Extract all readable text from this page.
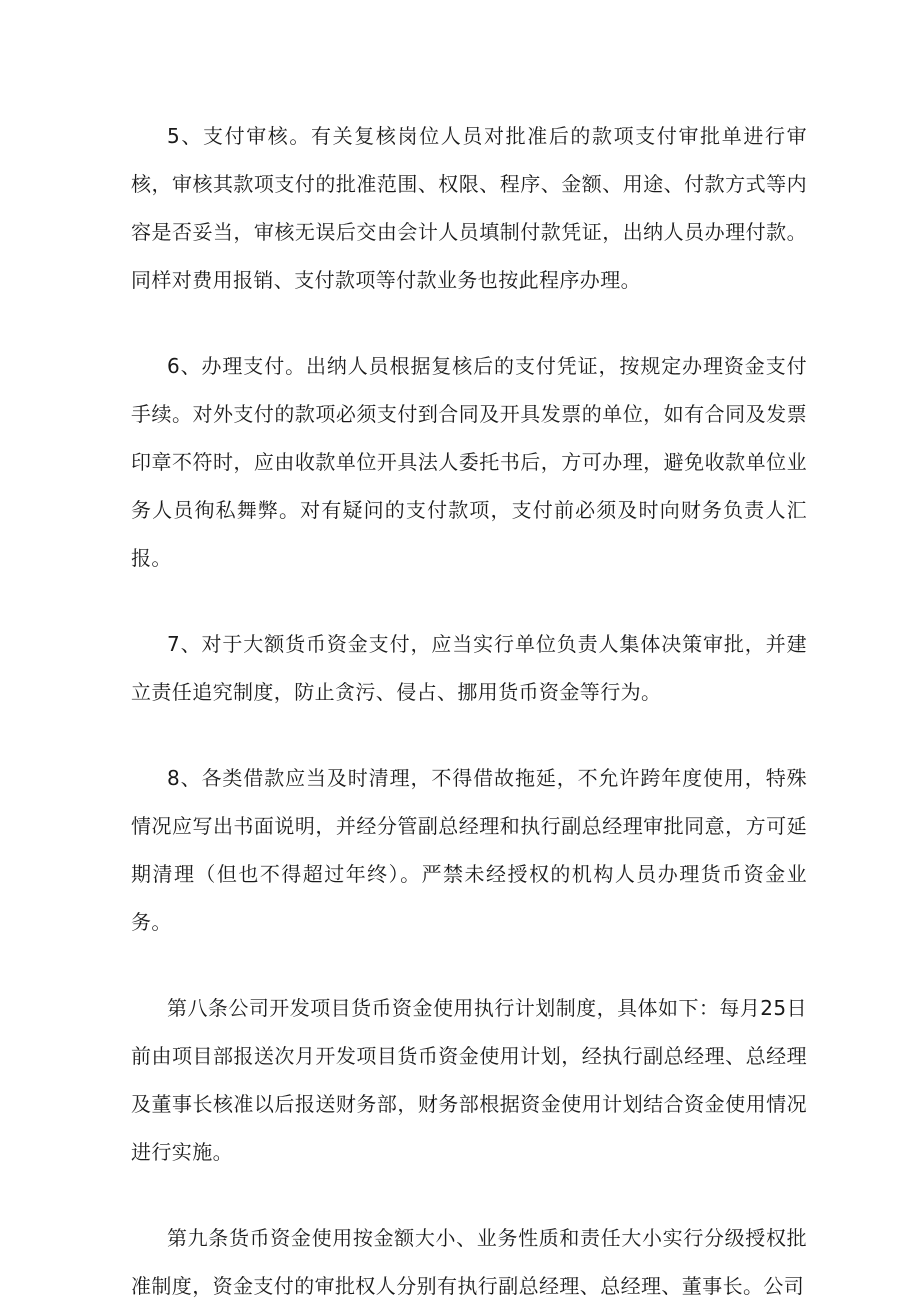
5、支付审核。有关复核岗位人员对批准后的款项支付审批单进行审核，审核其款项支付的批准范围、权限、程序、金额、用途、付款方式等内容是否妥当，审核无误后交由会计人员填制付款凭证，出纳人员办理付款。同样对费用报销、支付款项等付款业务也按此程序办理。

6、办理支付。出纳人员根据复核后的支付凭证，按规定办理资金支付手续。对外支付的款项必须支付到合同及开具发票的单位，如有合同及发票印章不符时，应由收款单位开具法人委托书后，方可办理，避免收款单位业务人员徇私舞弊。对有疑问的支付款项，支付前必须及时向财务负责人汇报。

7、对于大额货币资金支付，应当实行单位负责人集体决策审批，并建立责任追究制度，防止贪污、侵占、挪用货币资金等行为。

8、各类借款应当及时清理，不得借故拖延，不允许跨年度使用，特殊情况应写出书面说明，并经分管副总经理和执行副总经理审批同意，方可延期清理（但也不得超过年终）。严禁未经授权的机构人员办理货币资金业务。

第八条公司开发项目货币资金使用执行计划制度，具体如下：每月25日前由项目部报送次月开发项目货币资金使用计划，经执行副总经理、总经理及董事长核准以后报送财务部，财务部根据资金使用计划结合资金使用情况进行实施。

第九条货币资金使用按金额大小、业务性质和责任大小实行分级授权批准制度，资金支付的审批权人分别有执行副总经理、总经理、董事长。公司
